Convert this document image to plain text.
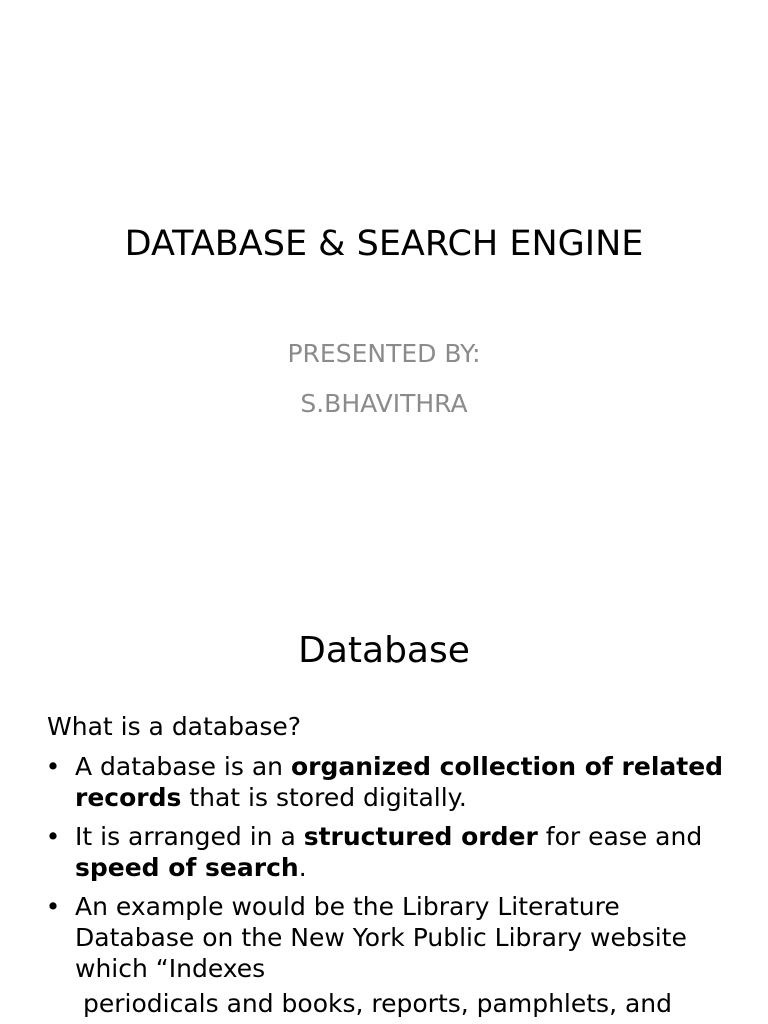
DATABASE & SEARCH ENGINE
PRESENTED BY:
S.BHAVITHRA
Database
What is a database?
• A database is an organized collection of related records that is stored digitally.
• It is arranged in a structured order for ease and speed of search.
• An example would be the Library Literature Database on the New York Public Library website which “Indexes
periodicals and books, reports, pamphlets, and
